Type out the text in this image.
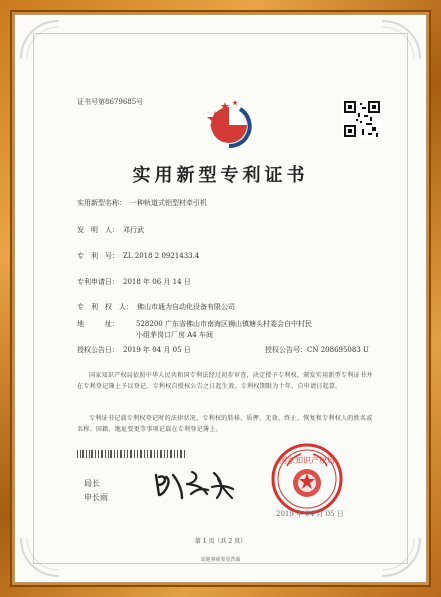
证书号第8679685号
实用新型专利证书
实用新型名称： 一种轨道式铝型材牵引机
发　明　人： 邓行武
专　利　号： ZL 2018 2 0921433.4
专利申请日： 2018 年 06 月 14 日
专　利　权　人： 佛山市通为自动化设备有限公司
地　　　址： 528200 广东省佛山市南海区狮山镇塘头村委会白中村民
小组茅岗口厂房 A4 车间
授权公告日： 2019 年 04 月 05 日	授权公告号：CN 208695083 U
国家知识产权局依照中华人民共和国专利法经过初步审查，决定授予专利权，颁发实用新型专利证书并在专利登记簿上予以登记。专利权自授权公告之日起生效。专利权期限为十年，自申请日起算。
专利证书记载专利权登记时的法律状况。专利权的转移、质押、无效、终止、恢复和专利权人的姓名或名称、国籍、地址变更等事项记载在专利登记簿上。
局长
申长雨
国家知识产权局
2019 年 04 月 05 日
第 1 页（共 2 页）
其他事项参见背面
